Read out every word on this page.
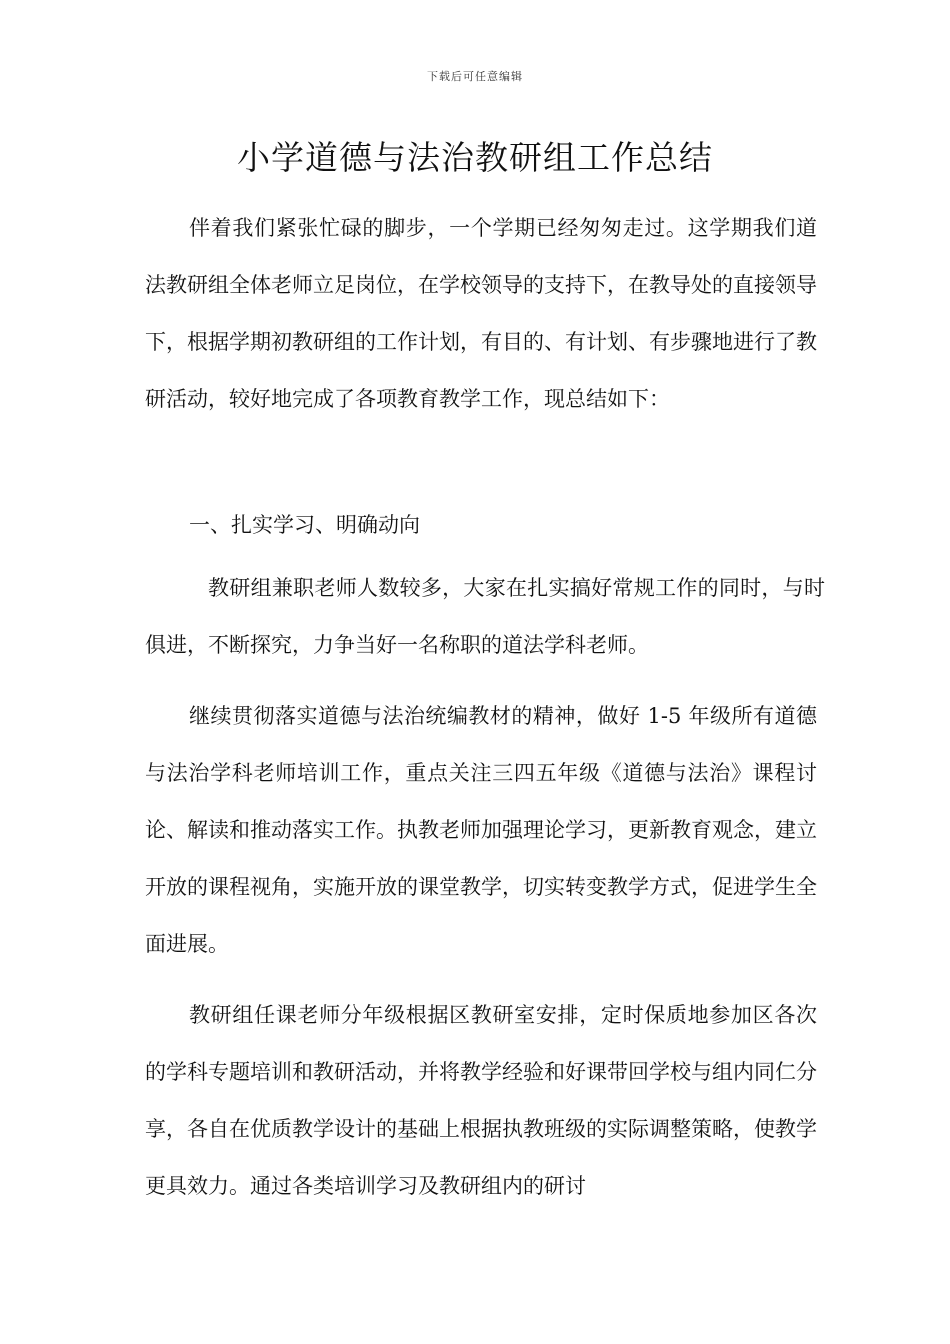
下载后可任意编辑
小学道德与法治教研组工作总结

伴着我们紧张忙碌的脚步，一个学期已经匆匆走过。这学期我们道法教研组全体老师立足岗位，在学校领导的支持下，在教导处的直接领导下，根据学期初教研组的工作计划，有目的、有计划、有步骤地进行了教研活动，较好地完成了各项教育教学工作，现总结如下：

一、扎实学习、明确动向

教研组兼职老师人数较多，大家在扎实搞好常规工作的同时，与时俱进，不断探究，力争当好一名称职的道法学科老师。

继续贯彻落实道德与法治统编教材的精神，做好 1-5 年级所有道德与法治学科老师培训工作，重点关注三四五年级《道德与法治》课程讨论、解读和推动落实工作。执教老师加强理论学习，更新教育观念，建立开放的课程视角，实施开放的课堂教学，切实转变教学方式，促进学生全面进展。

教研组任课老师分年级根据区教研室安排，定时保质地参加区各次的学科专题培训和教研活动，并将教学经验和好课带回学校与组内同仁分享，各自在优质教学设计的基础上根据执教班级的实际调整策略，使教学更具效力。通过各类培训学习及教研组内的研讨
